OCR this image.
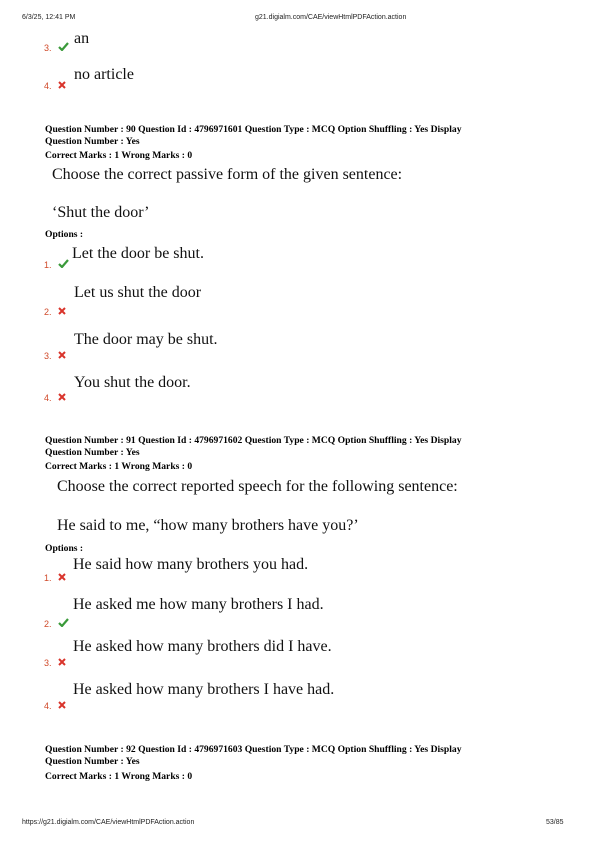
6/3/25, 12:41 PM	g21.digialm.com/CAE/viewHtmlPDFAction.action
3.
an
4.
no article
Question Number : 90 Question Id : 4796971601 Question Type : MCQ Option Shuffling : Yes Display
Question Number : Yes
Correct Marks : 1 Wrong Marks : 0
Choose the correct passive form of the given sentence:
‘Shut the door’
Options :
1.
Let the door be shut.
2.
Let us shut the door
3.
The door may be shut.
4.
You shut the door.
Question Number : 91 Question Id : 4796971602 Question Type : MCQ Option Shuffling : Yes Display
Question Number : Yes
Correct Marks : 1 Wrong Marks : 0
Choose the correct reported speech for the following sentence:
He said to me, “how many brothers have you?’
Options :
1.
He said how many brothers you had.
2.
He asked me how many brothers I had.
3.
He asked how many brothers did I have.
4.
He asked how many brothers I have had.
Question Number : 92 Question Id : 4796971603 Question Type : MCQ Option Shuffling : Yes Display
Question Number : Yes
Correct Marks : 1 Wrong Marks : 0
https://g21.digialm.com/CAE/viewHtmlPDFAction.action	53/85
